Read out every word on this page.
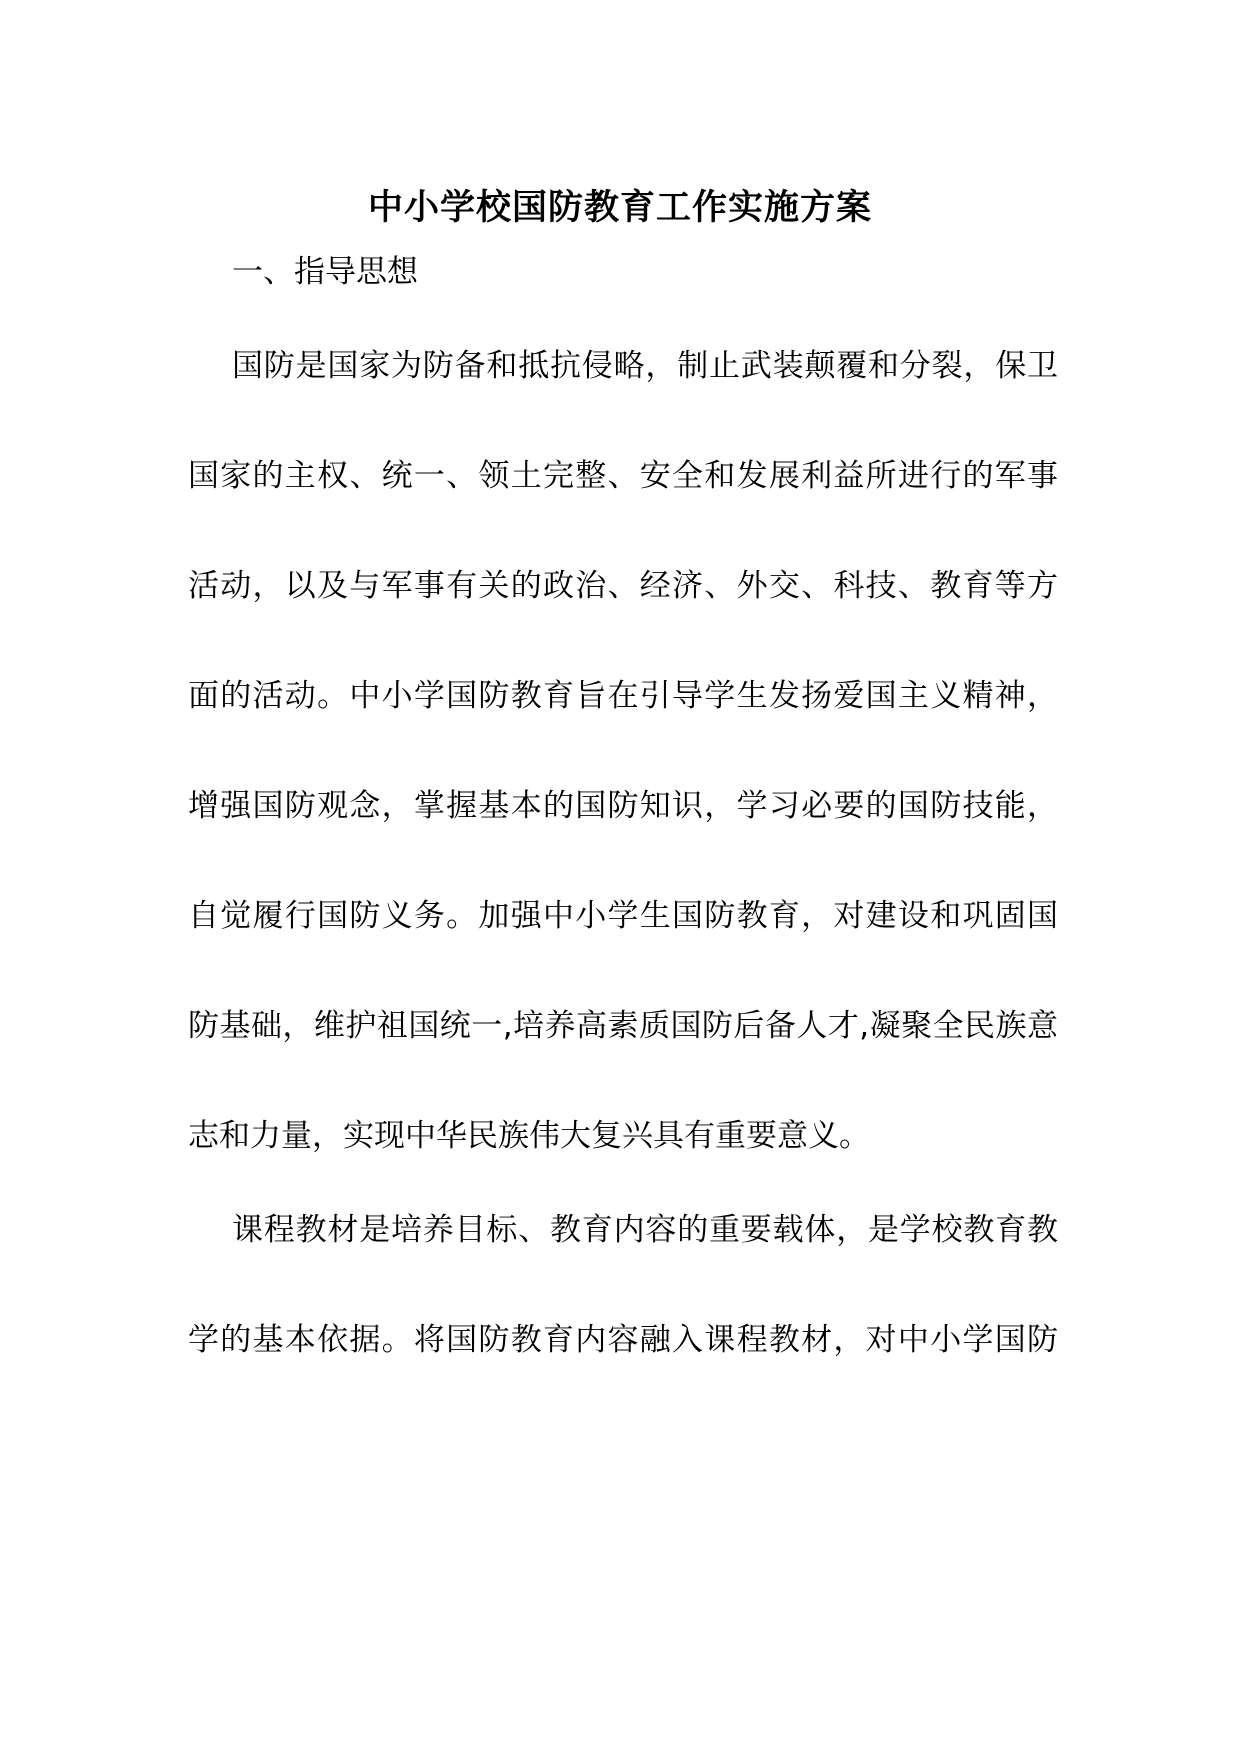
中小学校国防教育工作实施方案
一、指导思想
国防是国家为防备和抵抗侵略，制止武装颠覆和分裂，保卫
国家的主权、统一、领土完整、安全和发展利益所进行的军事
活动，以及与军事有关的政治、经济、外交、科技、教育等方
面的活动。中小学国防教育旨在引导学生发扬爱国主义精神，
增强国防观念，掌握基本的国防知识，学习必要的国防技能，
自觉履行国防义务。加强中小学生国防教育，对建设和巩固国
防基础，维护祖国统一,培养高素质国防后备人才,凝聚全民族意
志和力量，实现中华民族伟大复兴具有重要意义。
课程教材是培养目标、教育内容的重要载体，是学校教育教
学的基本依据。将国防教育内容融入课程教材，对中小学国防
